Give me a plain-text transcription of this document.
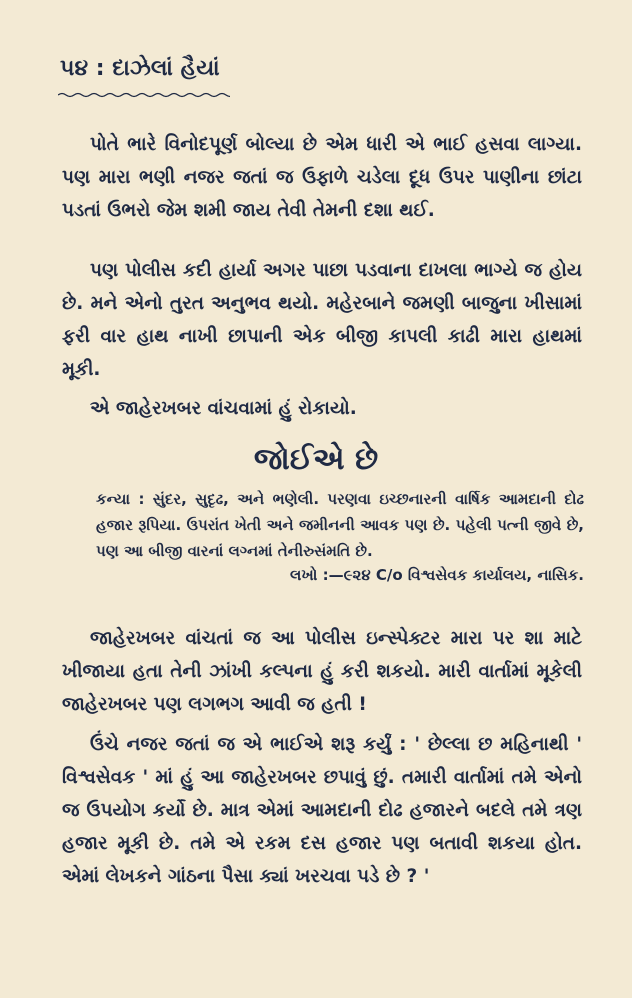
૫૪ : દાઝેલાં હૈયાં

પોતે ભારે વિનોદપૂર્ણ બોલ્યા છે એમ ધારી એ ભાઈ હસવા લાગ્યા. પણ મારા ભણી નજર જતાં જ ઉફાળે ચડેલા દૂધ ઉપર પાણીના છાંટા પડતાં ઉભરો જેમ શમી જાય તેવી તેમની દશા થઈ.

પણ પોલીસ કદી હાર્યા અગર પાછા પડવાના દાખલા ભાગ્યે જ હોય છે. મને એનો તુરત અનુભવ થયો. મહેરબાને જમણી બાજુના ખીસામાં ફરી વાર હાથ નાખી છાપાની એક બીજી કાપલી કાઢી મારા હાથમાં મૂકી.

એ જાહેરખબર વાંચવામાં હું રોકાયો.

જોઈએ છે

કન્યા : સુંદર, સુદૃઢ, અને ભણેલી. પરણવા ઇચ્છનારની વાર્ષિક આમદાની દોઢ હજાર રૂપિયા. ઉપરાંત ખેતી અને જમીનની આવક પણ છે. પહેલી પત્ની જીવે છે, પણ આ બીજી વારનાં લગ્નમાં તેનીરુસંમતિ છે.

લખો :—૯૨૪ C/o વિશ્વસેવક કાર્યાલય, નાસિક.

જાહેરખબર વાંચતાં જ આ પોલીસ ઇન્સ્પેક્ટર મારા પર શા માટે ખીજાયા હતા તેની ઝાંખી કલ્પના હું કરી શકયો. મારી વાર્તામાં મૂકેલી જાહેરખબર પણ લગભગ આવી જ હતી !

ઉંચે નજર જતાં જ એ ભાઈએ શરૂ કર્યું : ' છેલ્લા છ મહિનાથી ' વિશ્વસેવક ' માં હું આ જાહેરખબર છપાવું છું. તમારી વાર્તામાં તમે એનો જ ઉપયોગ કર્યો છે. માત્ર એમાં આમદાની દોઢ હજારને બદલે તમે ત્રણ હજાર મૂકી છે. તમે એ રકમ દસ હજાર પણ બતાવી શકયા હોત. એમાં લેખકને ગાંઠના પૈસા ક્યાં ખરચવા પડે છે ? '
